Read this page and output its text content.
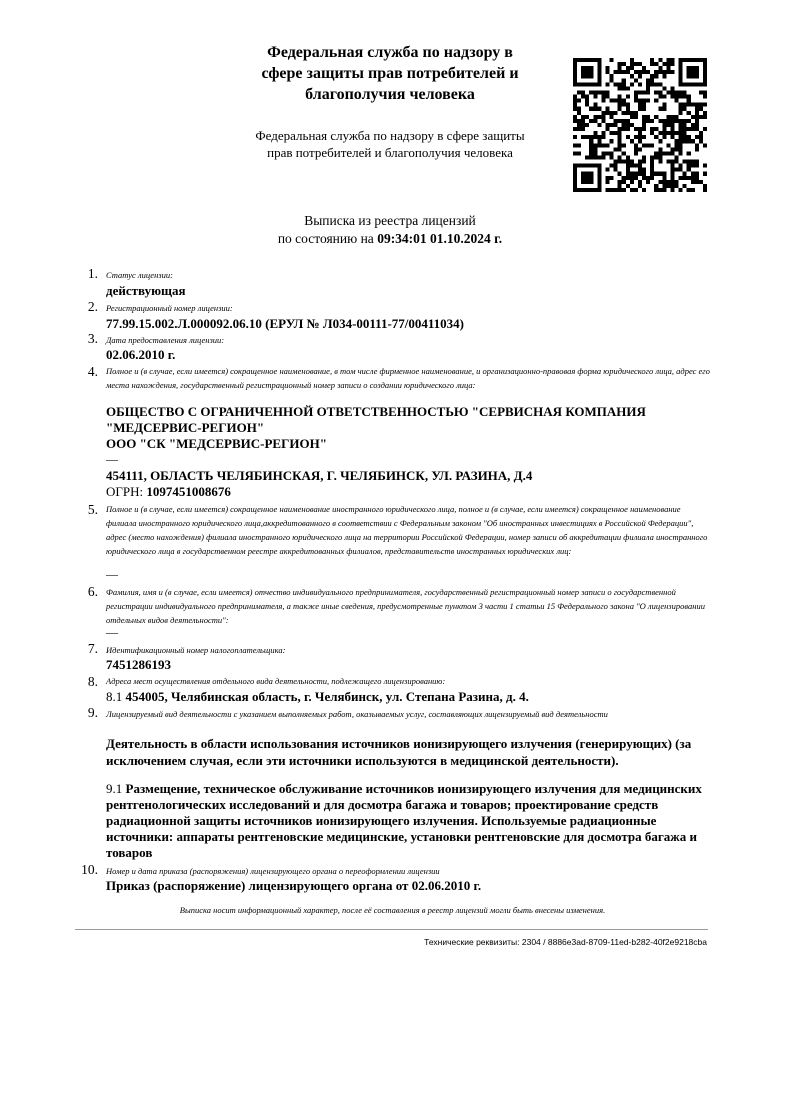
Федеральная служба по надзору в
сфере защиты прав потребителей и
благополучия человека
Федеральная служба по надзору в сфере защиты
прав потребителей и благополучия человека
Выписка из реестра лицензий
по состоянию на 09:34:01 01.10.2024 г.
1. Статус лицензии:
действующая
2. Регистрационный номер лицензии:
77.99.15.002.Л.000092.06.10 (ЕРУЛ № Л034-00111-77/00411034)
3. Дата предоставления лицензии:
02.06.2010 г.
4. Полное и (в случае, если имеется) сокращенное наименование, в том числе фирменное наименование, и организационно-правовая форма юридического лица, адрес его места нахождения, государственный регистрационный номер записи о создании юридического лица:
ОБЩЕСТВО С ОГРАНИЧЕННОЙ ОТВЕТСТВЕННОСТЬЮ "СЕРВИСНАЯ КОМПАНИЯ
"МЕДСЕРВИС-РЕГИОН"
ООО "СК "МЕДСЕРВИС-РЕГИОН"
—
454111, ОБЛАСТЬ ЧЕЛЯБИНСКАЯ, Г. ЧЕЛЯБИНСК, УЛ. РАЗИНА, Д.4
ОГРН: 1097451008676
5. Полное и (в случае, если имеется) сокращенное наименование иностранного юридического лица, полное и (в случае, если имеется) сокращенное наименование филиала иностранного юридического лица,аккредитованного в соответствии с Федеральным законом "Об иностранных инвестициях в Российской Федерации", адрес (место нахождения) филиала иностранного юридического лица на территории Российской Федерации, номер записи об аккредитации филиала иностранного юридического лица в государственном реестре аккредитованных филиалов, представительств иностранных юридических лиц:
—
6. Фамилия, имя и (в случае, если имеется) отчество индивидуального предпринимателя, государственный регистрационный номер записи о государственной регистрации индивидуального предпринимателя, а также иные сведения, предусмотренные пунктом 3 части 1 статьи 15 Федерального закона "О лицензировании отдельных видов деятельности":
—
7. Идентификационный номер налогоплательщика:
7451286193
8. Адреса мест осуществления отдельного вида деятельности, подлежащего лицензированию:
8.1 454005, Челябинская область, г. Челябинск, ул. Степана Разина, д. 4.
9. Лицензируемый вид деятельности с указанием выполняемых работ, оказываемых услуг, составляющих лицензируемый вид деятельности
Деятельность в области использования источников ионизирующего излучения (генерирующих) (за исключением случая, если эти источники используются в медицинской деятельности).
9.1 Размещение, техническое обслуживание источников ионизирующего излучения для медицинских рентгенологических исследований и для досмотра багажа и товаров; проектирование средств радиационной защиты источников ионизирующего излучения. Используемые радиационные источники: аппараты рентгеновские медицинские, установки рентгеновские для досмотра багажа и товаров
10. Номер и дата приказа (распоряжения) лицензирующего органа о переоформлении лицензии
Приказ (распоряжение) лицензирующего органа от 02.06.2010 г.
Выписка носит информационный характер, после её составления в реестр лицензий могли быть внесены изменения.
Технические реквизиты: 2304 / 8886e3ad-8709-11ed-b282-40f2e9218cba
